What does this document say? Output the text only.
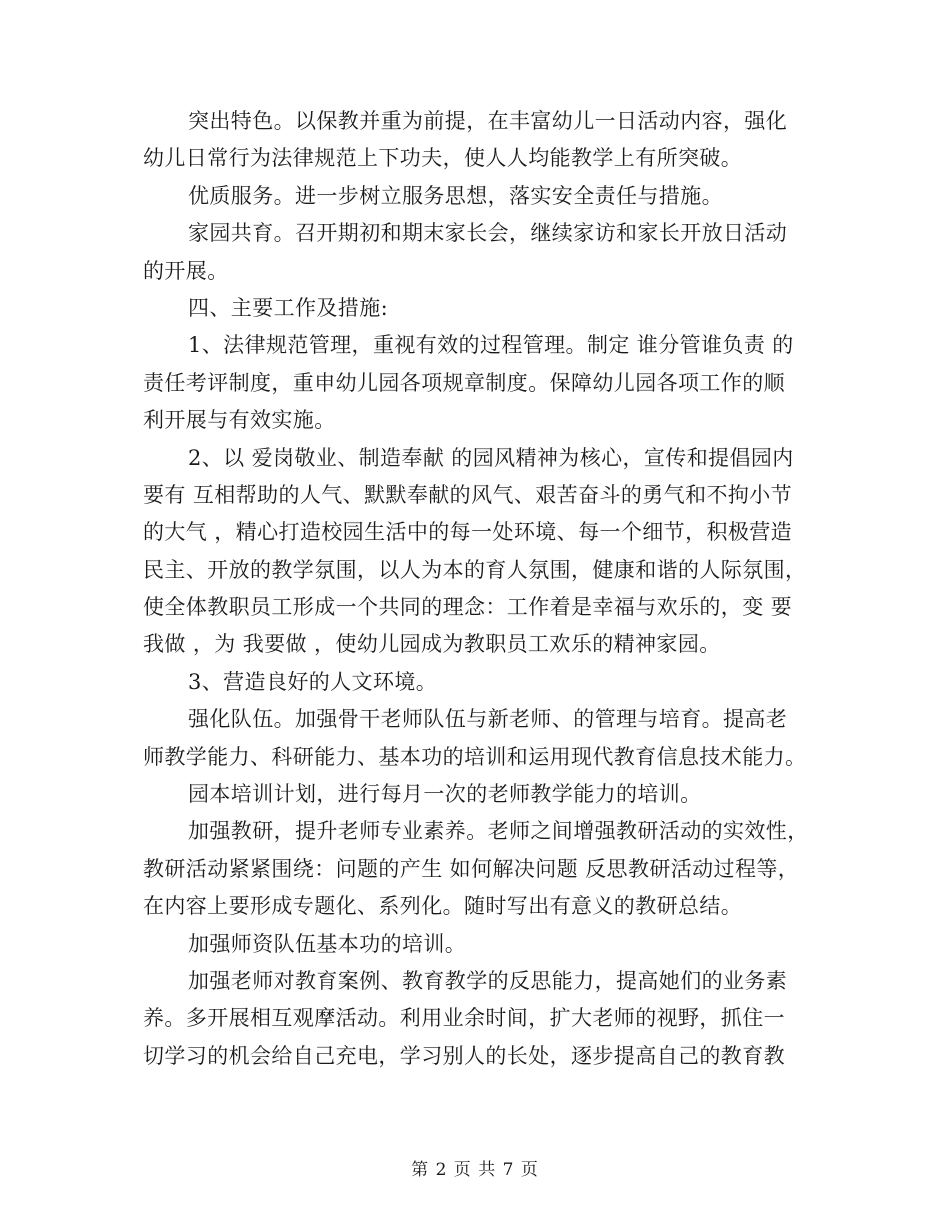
突出特色。以保教并重为前提，在丰富幼儿一日活动内容，强化
幼儿日常行为法律规范上下功夫，使人人均能教学上有所突破。
优质服务。进一步树立服务思想，落实安全责任与措施。
家园共育。召开期初和期末家长会，继续家访和家长开放日活动
的开展。
四、主要工作及措施:
1、法律规范管理，重视有效的过程管理。制定 谁分管谁负责 的
责任考评制度，重申幼儿园各项规章制度。保障幼儿园各项工作的顺
利开展与有效实施。
2、以 爱岗敬业、制造奉献 的园风精神为核心，宣传和提倡园内
要有 互相帮助的人气、默默奉献的风气、艰苦奋斗的勇气和不拘小节
的大气 ，精心打造校园生活中的每一处环境、每一个细节，积极营造
民主、开放的教学氛围，以人为本的育人氛围，健康和谐的人际氛围，
使全体教职员工形成一个共同的理念：工作着是幸福与欢乐的，变 要
我做 ，为 我要做 ，使幼儿园成为教职员工欢乐的精神家园。
3、营造良好的人文环境。
强化队伍。加强骨干老师队伍与新老师、的管理与培育。提高老
师教学能力、科研能力、基本功的培训和运用现代教育信息技术能力。
园本培训计划，进行每月一次的老师教学能力的培训。
加强教研，提升老师专业素养。老师之间增强教研活动的实效性，
教研活动紧紧围绕：问题的产生 如何解决问题 反思教研活动过程等，
在内容上要形成专题化、系列化。随时写出有意义的教研总结。
加强师资队伍基本功的培训。
加强老师对教育案例、教育教学的反思能力，提高她们的业务素
养。多开展相互观摩活动。利用业余时间，扩大老师的视野，抓住一
切学习的机会给自己充电，学习别人的长处，逐步提高自己的教育教
第 2 页 共 7 页
